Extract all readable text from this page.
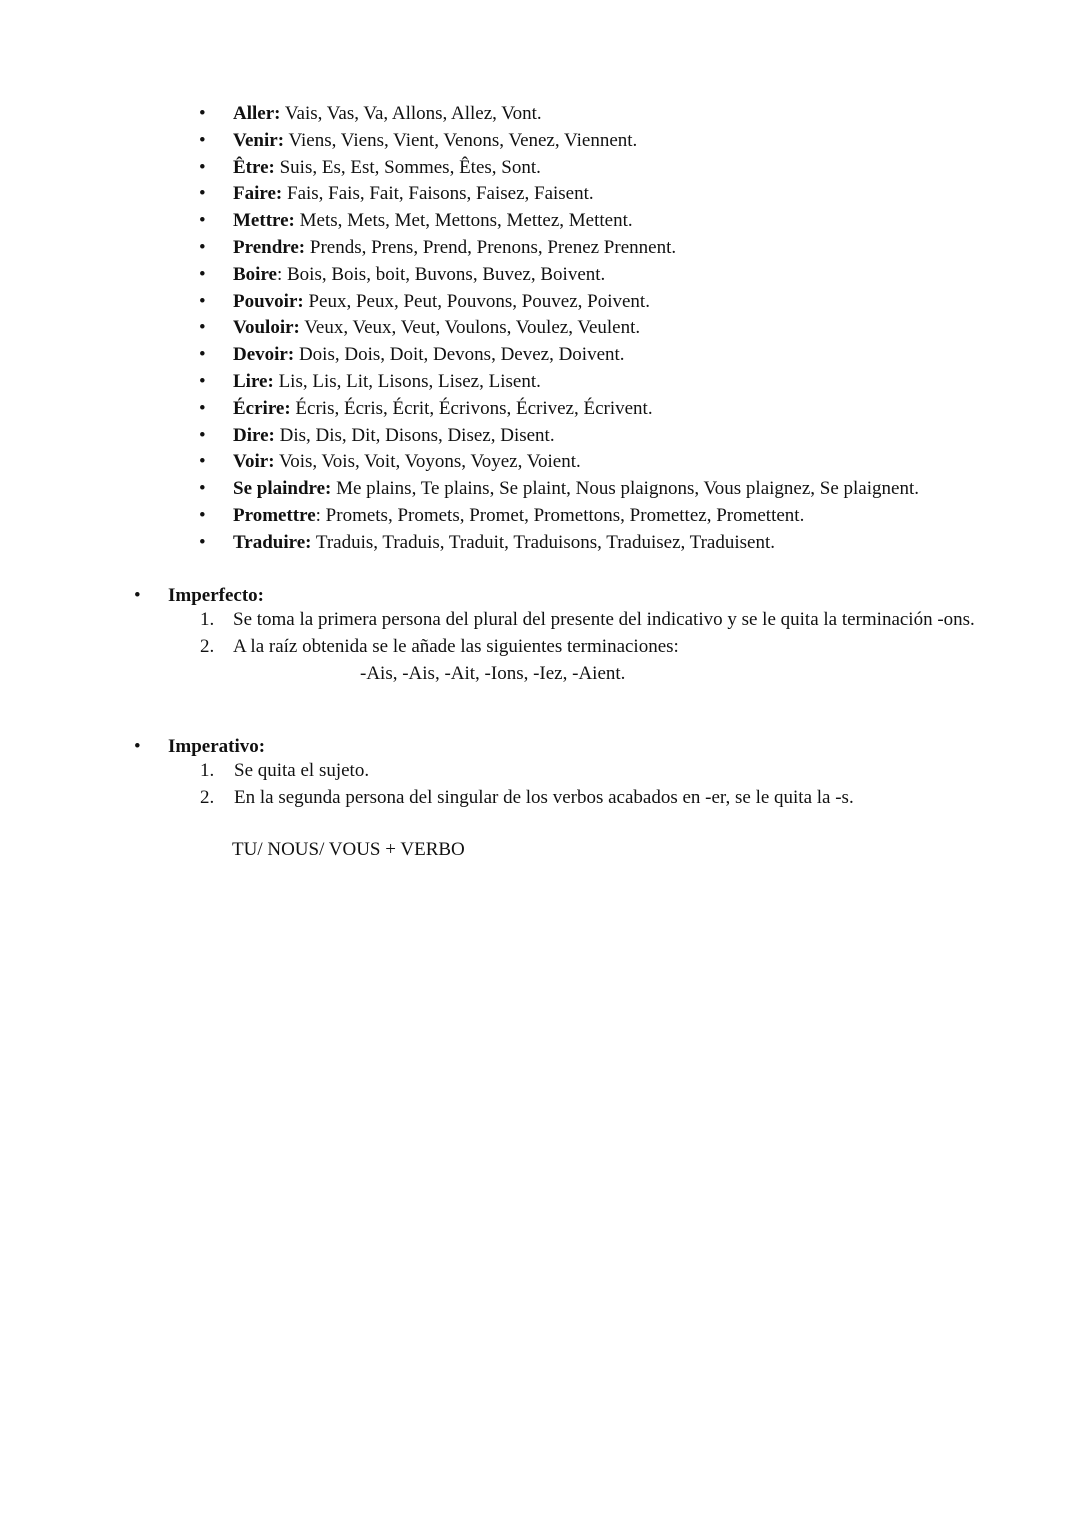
• Aller: Vais, Vas, Va, Allons, Allez, Vont.
• Venir: Viens, Viens, Vient, Venons, Venez, Viennent.
• Être: Suis, Es, Est, Sommes, Êtes, Sont.
• Faire: Fais, Fais, Fait, Faisons, Faisez, Faisent.
• Mettre: Mets, Mets, Met, Mettons, Mettez, Mettent.
• Prendre: Prends, Prens, Prend, Prenons, Prenez Prennent.
• Boire: Bois, Bois, boit, Buvons, Buvez, Boivent.
• Pouvoir: Peux, Peux, Peut, Pouvons, Pouvez, Poivent.
• Vouloir: Veux, Veux, Veut, Voulons, Voulez, Veulent.
• Devoir: Dois, Dois, Doit, Devons, Devez, Doivent.
• Lire: Lis, Lis, Lit, Lisons, Lisez, Lisent.
• Écrire: Écris, Écris, Écrit, Écrivons, Écrivez, Écrivent.
• Dire: Dis, Dis, Dit, Disons, Disez, Disent.
• Voir: Vois, Vois, Voit, Voyons, Voyez, Voient.
• Se plaindre: Me plains, Te plains, Se plaint, Nous plaignons, Vous plaignez, Se plaignent.
• Promettre: Promets, Promets, Promet, Promettons, Promettez, Promettent.
• Traduire: Traduis, Traduis, Traduit, Traduisons, Traduisez, Traduisent.
• Imperfecto:
1. Se toma la primera persona del plural del presente del indicativo y se le quita la terminación -ons.
2. A la raíz obtenida se le añade las siguientes terminaciones:
-Ais, -Ais, -Ait, -Ions, -Iez, -Aient.
• Imperativo:
1. Se quita el sujeto.
2. En la segunda persona del singular de los verbos acabados en -er, se le quita la -s.
TU/ NOUS/ VOUS + VERBO
